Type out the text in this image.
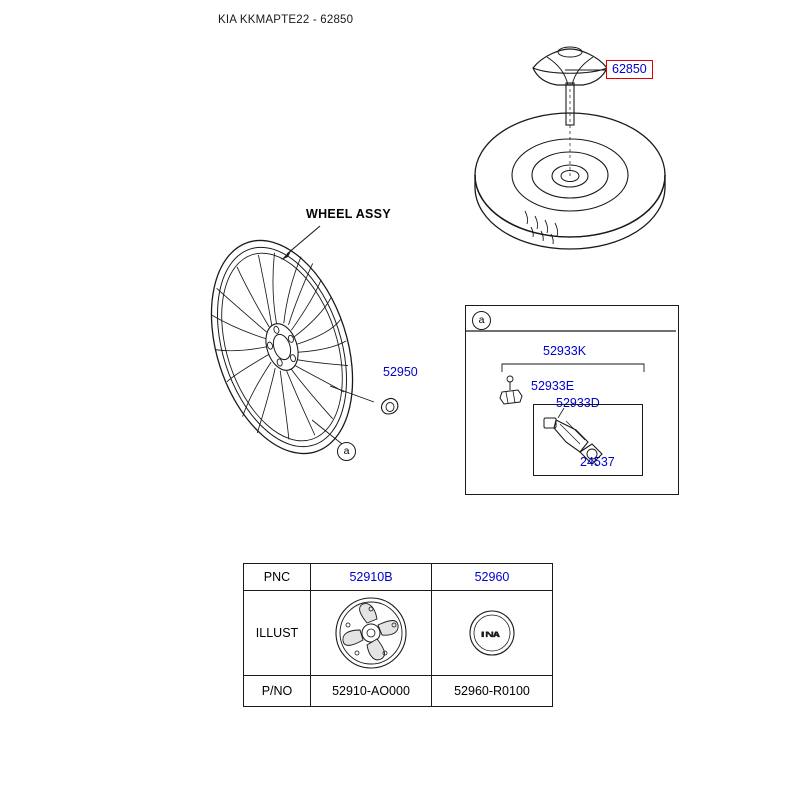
KIA KKMAPTE22 - 62850
62850
WHEEL ASSY
52950
a
a
52933K
52933E
52933D
24537
PNC	52910B	52960
ILLUST	

P/NO	52910-AO000	52960-R0100
